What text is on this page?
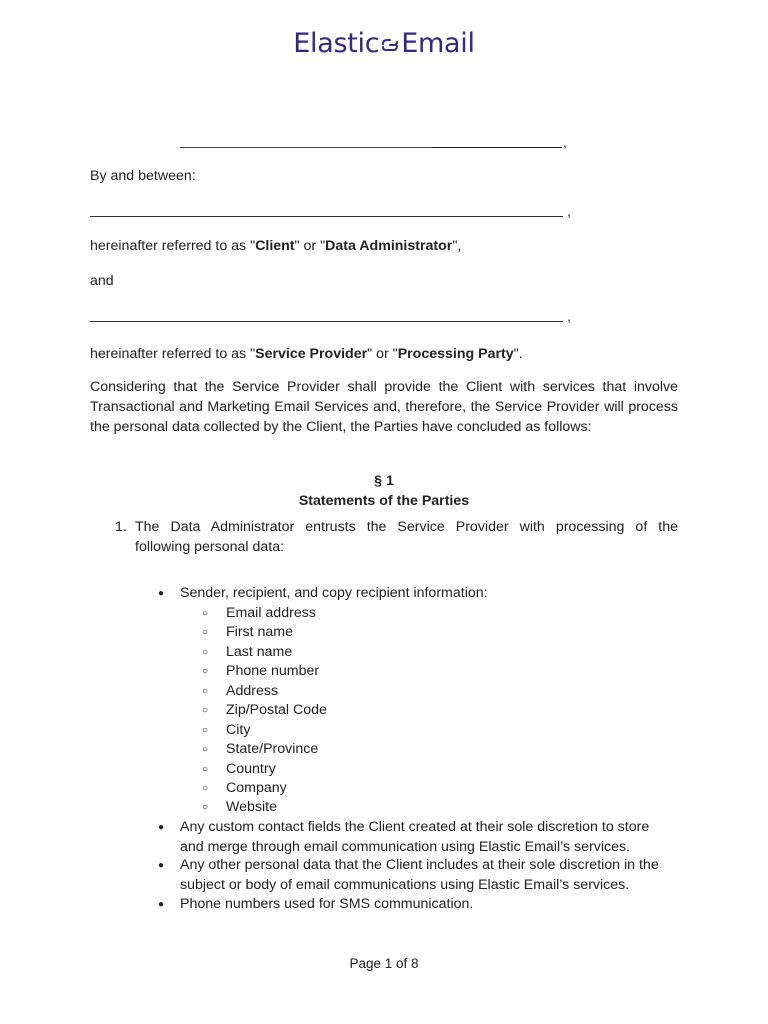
Elastic Email
,
By and between:
,
hereinafter referred to as "Client" or "Data Administrator",
and
,
hereinafter referred to as "Service Provider" or "Processing Party".
Considering that the Service Provider shall provide the Client with services that involve Transactional and Marketing Email Services and, therefore, the Service Provider will process the personal data collected by the Client, the Parties have concluded as follows:
§ 1
Statements of the Parties
1. The Data Administrator entrusts the Service Provider with processing of the
following personal data:
● Sender, recipient, and copy recipient information:
○ Email address
○ First name
○ Last name
○ Phone number
○ Address
○ Zip/Postal Code
○ City
○ State/Province
○ Country
○ Company
○ Website
● Any custom contact fields the Client created at their sole discretion to store
and merge through email communication using Elastic Email’s services.
● Any other personal data that the Client includes at their sole discretion in the
subject or body of email communications using Elastic Email’s services.
● Phone numbers used for SMS communication.
Page 1 of 8
